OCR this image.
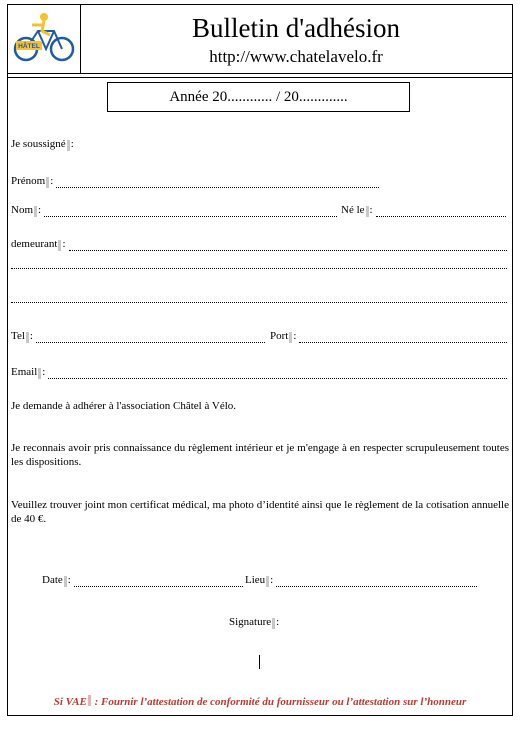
HÂTEL
Bulletin d'adhésion
http://www.chatelavelo.fr
Année 20............ / 20.............
Je soussigné :
Prénom :
Nom :	Né le :
demeurant :
Tel :	Port :
Email :
Je demande à adhérer à l'association Châtel à Vélo.
Je reconnais avoir pris connaissance du règlement intérieur et je m'engage à en respecter scrupuleusement toutes les dispositions.
Veuillez trouver joint mon certificat médical, ma photo d’identité ainsi que le règlement de la cotisation annuelle de 40 €.
Date :	Lieu :
Signature :
Si VAE : Fournir l’attestation de conformité du fournisseur ou l’attestation sur l’honneur
